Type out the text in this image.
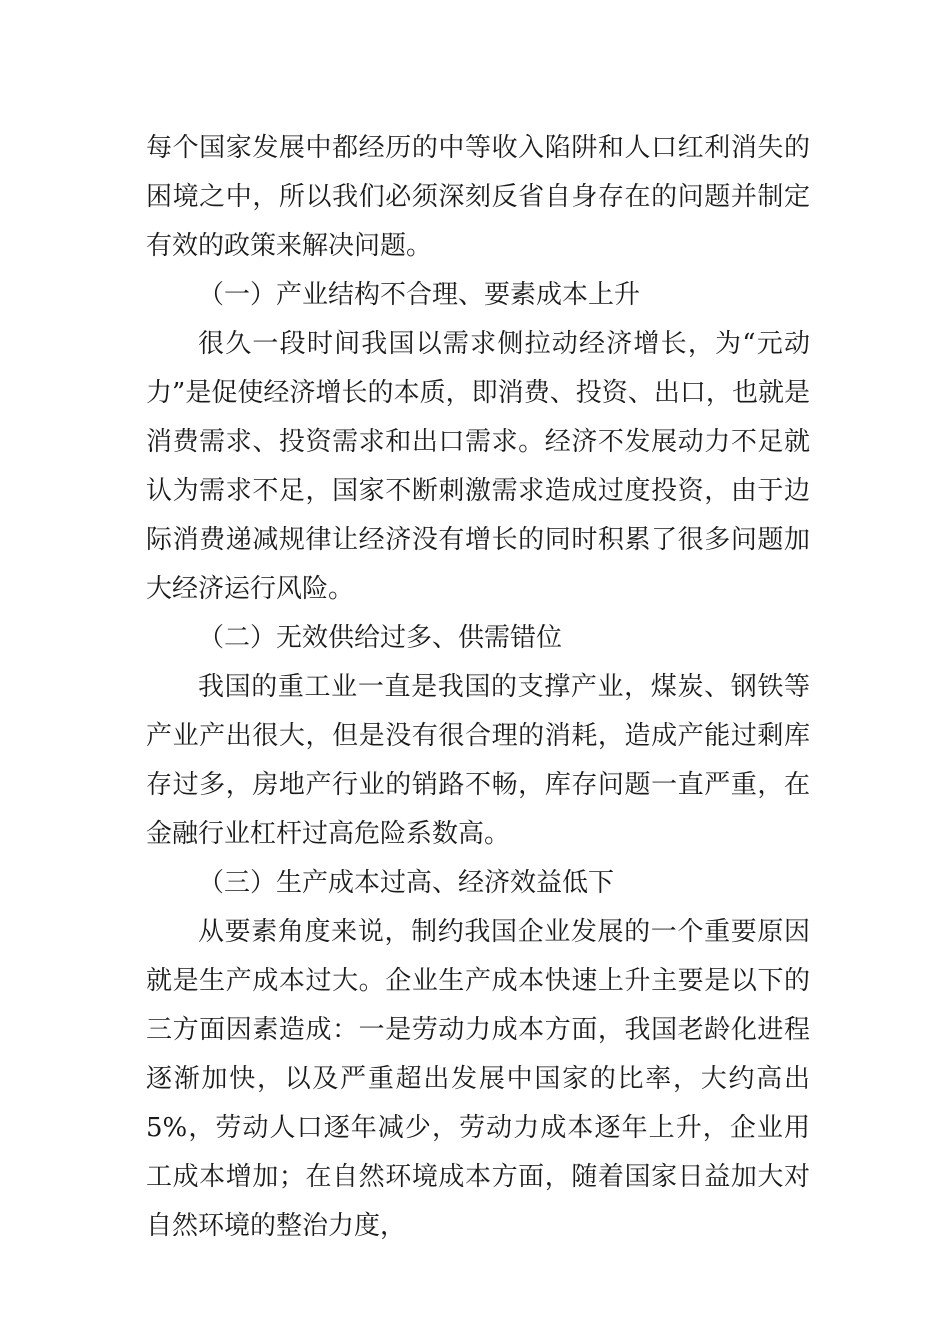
每个国家发展中都经历的中等收入陷阱和人口红利消失的困境之中，所以我们必须深刻反省自身存在的问题并制定有效的政策来解决问题。

（一）产业结构不合理、要素成本上升

很久一段时间我国以需求侧拉动经济增长，为“元动力”是促使经济增长的本质，即消费、投资、出口，也就是消费需求、投资需求和出口需求。经济不发展动力不足就认为需求不足，国家不断刺激需求造成过度投资，由于边际消费递减规律让经济没有增长的同时积累了很多问题加大经济运行风险。

（二）无效供给过多、供需错位

我国的重工业一直是我国的支撑产业，煤炭、钢铁等产业产出很大，但是没有很合理的消耗，造成产能过剩库存过多，房地产行业的销路不畅，库存问题一直严重，在金融行业杠杆过高危险系数高。

（三）生产成本过高、经济效益低下

从要素角度来说，制约我国企业发展的一个重要原因就是生产成本过大。企业生产成本快速上升主要是以下的三方面因素造成：一是劳动力成本方面，我国老龄化进程逐渐加快，以及严重超出发展中国家的比率，大约高出5%，劳动人口逐年减少，劳动力成本逐年上升，企业用工成本增加；在自然环境成本方面，随着国家日益加大对自然环境的整治力度，
